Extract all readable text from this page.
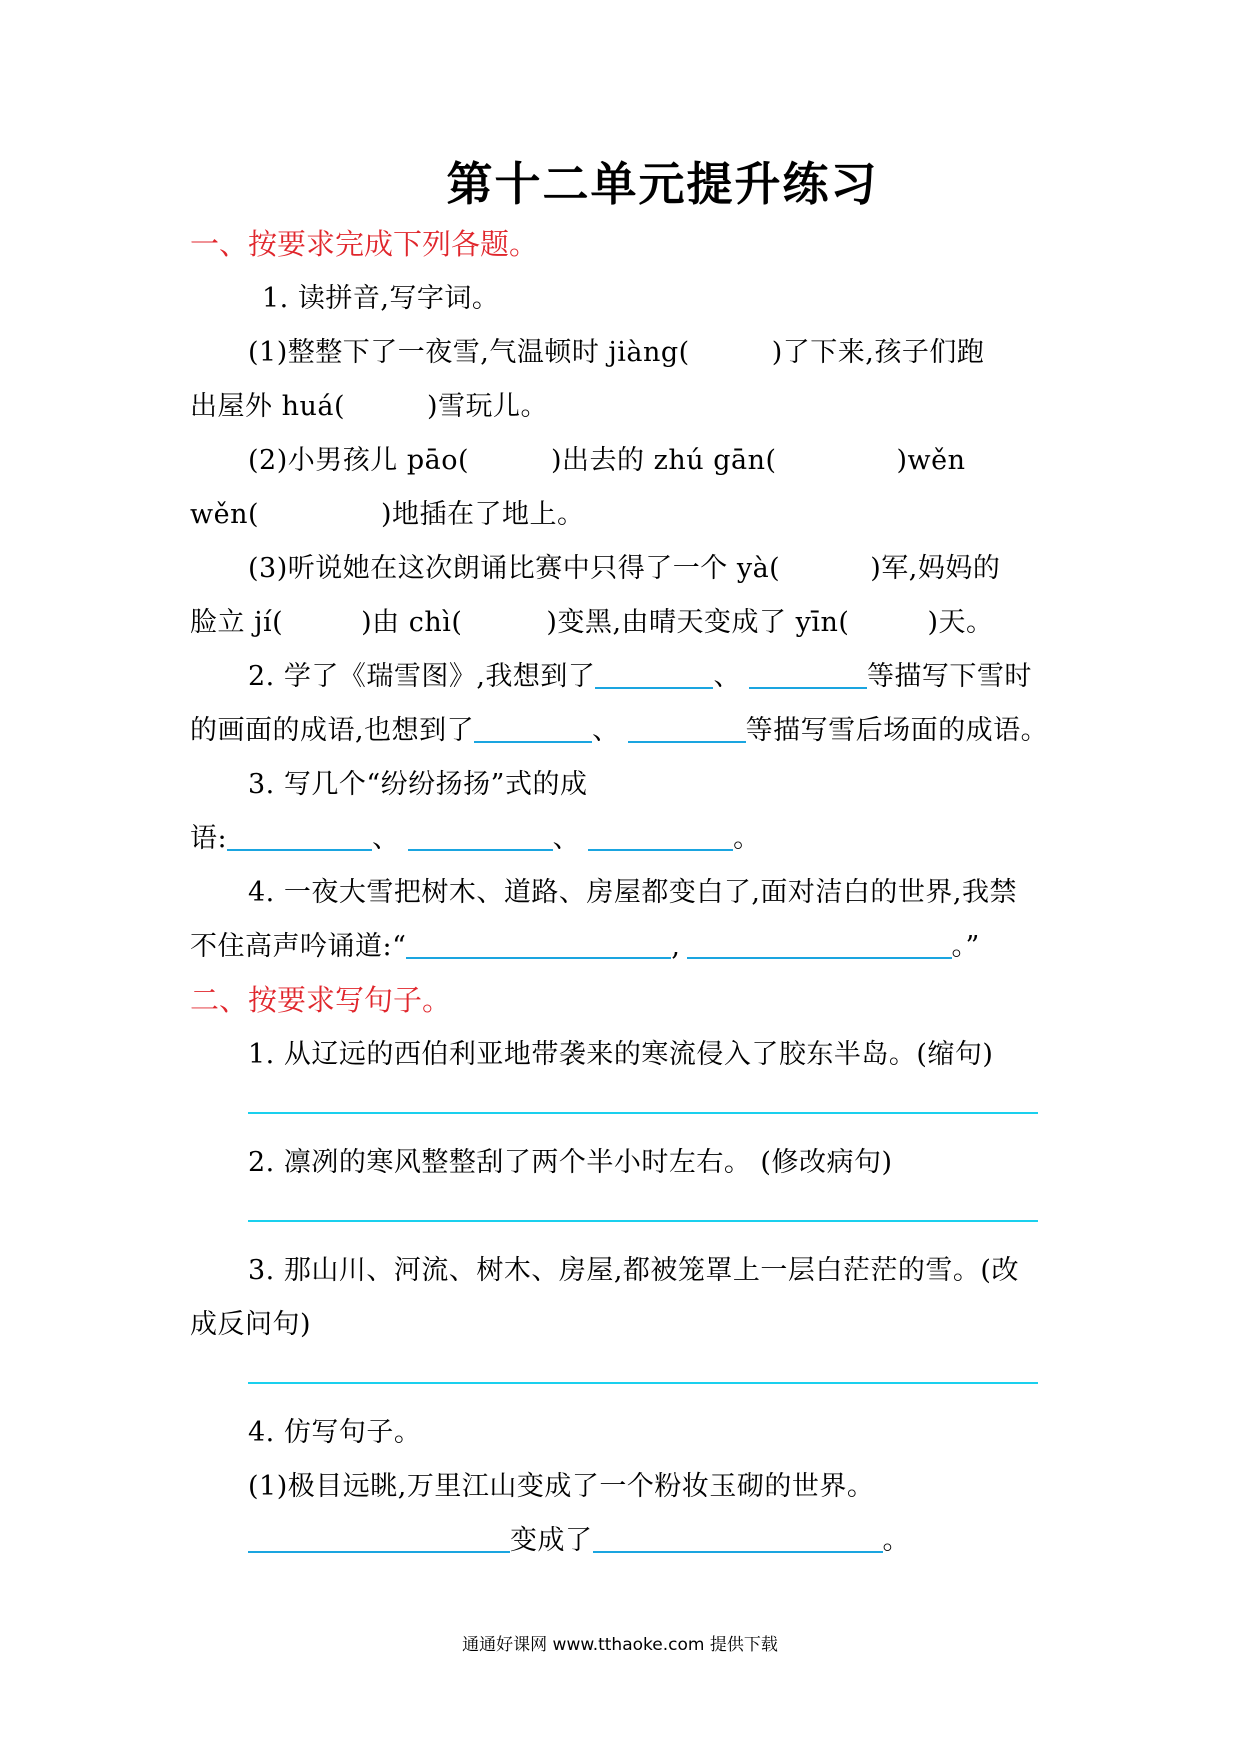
第十二单元提升练习
一、按要求完成下列各题。
1. 读拼音,写字词。
(1)整整下了一夜雪,气温顿时 jiàng(	)了下来,孩子们跑
出屋外 huá(	)雪玩儿。
(2)小男孩儿 pāo(	)出去的 zhú gān(	)wěn
wěn(	)地插在了地上。
(3)听说她在这次朗诵比赛中只得了一个 yà(	)军,妈妈的
脸立 jí(	)由 chì(	)变黑,由晴天变成了 yīn(	)天。
2. 学了《瑞雪图》,我想到了	、	等描写下雪时
的画面的成语,也想到了	、	等描写雪后场面的成语。
3. 写几个“纷纷扬扬”式的成
语:	、	、	。
4. 一夜大雪把树木、道路、房屋都变白了,面对洁白的世界,我禁
不住高声吟诵道:“	,	。”
二、按要求写句子。
1. 从辽远的西伯利亚地带袭来的寒流侵入了胶东半岛。(缩句)
2. 凛冽的寒风整整刮了两个半小时左右。 (修改病句)
3. 那山川、河流、树木、房屋,都被笼罩上一层白茫茫的雪。(改
成反问句)
4. 仿写句子。
(1)极目远眺,万里江山变成了一个粉妆玉砌的世界。
变成了	。
通通好课网 www.tthaoke.com 提供下载
